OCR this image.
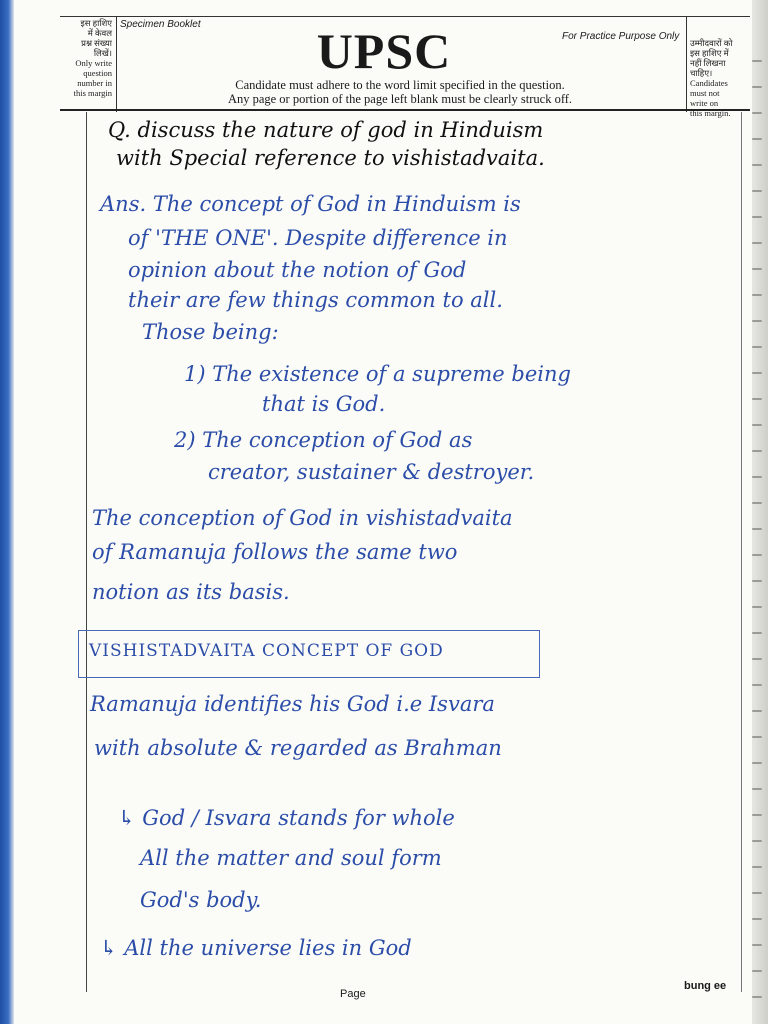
इस हाशिए
में केवल
प्रश्न संख्या
लिखें।
Only write
question
number in
this margin
उम्मीदवारों को
इस हाशिए में
नहीं लिखना
चाहिए।
Candidates
must not
write on
this margin.
Specimen Booklet
For Practice Purpose Only
UPSC
Candidate must adhere to the word limit specified in the question.
Any page or portion of the page left blank must be clearly struck off.
Q. discuss the nature of god in Hinduism
with Special reference to vishistadvaita.
Ans. The concept of God in Hinduism is
of 'THE ONE'. Despite difference in
opinion about the notion of God
their are few things common to all.
Those being:
1) The existence of a supreme being
that is God.
2) The conception of God as
creator, sustainer & destroyer.
The conception of God in vishistadvaita
of Ramanuja follows the same two
notion as its basis.
VISHISTADVAITA CONCEPT OF GOD
Ramanuja identifies his God i.e Isvara
with absolute & regarded as Brahman
↳ God / Isvara stands for whole
All the matter and soul form
God's body.
↳ All the universe lies in God
Page
bung ee
